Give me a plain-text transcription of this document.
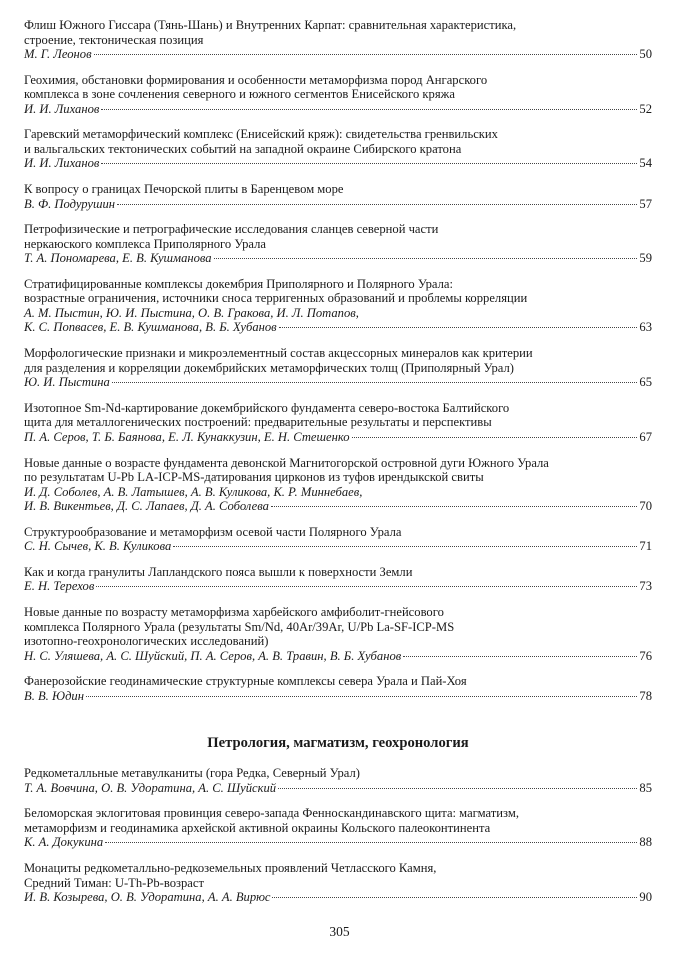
Флиш Южного Гиссара (Тянь-Шань) и Внутренних Карпат: сравнительная характеристика,
строение, тектоническая позиция
М. Г. Леонов	50
Геохимия, обстановки формирования и особенности метаморфизма пород Ангарского
комплекса в зоне сочленения северного и южного сегментов Енисейского кряжа
И. И. Лиханов	52
Гаревский метаморфический комплекс (Енисейский кряж): свидетельства гренвильских
и вальгальских тектонических событий на западной окраине Сибирского кратона
И. И. Лиханов	54
К вопросу о границах Печорской плиты в Баренцевом море
В. Ф. Подурушин	57
Петрофизические и петрографические исследования сланцев северной части
неркаюского комплекса Приполярного Урала
Т. А. Пономарева, Е. В. Кушманова	59
Стратифицированные комплексы докембрия Приполярного и Полярного Урала:
возрастные ограничения, источники сноса терригенных образований и проблемы корреляции
А. М. Пыстин, Ю. И. Пыстина, О. В. Гракова, И. Л. Потапов,
К. С. Попвасев, Е. В. Кушманова, В. Б. Хубанов	63
Морфологические признаки и микроэлементный состав акцессорных минералов как критерии
для разделения и корреляции докембрийских метаморфических толщ (Приполярный Урал)
Ю. И. Пыстина	65
Изотопное Sm-Nd-картирование докембрийского фундамента северо-востока Балтийского
щита для металлогенических построений: предварительные результаты и перспективы
П. А. Серов, Т. Б. Баянова, Е. Л. Кунаккузин, Е. Н. Стешенко	67
Новые данные о возрасте фундамента девонской Магнитогорской островной дуги Южного Урала
по результатам U-Pb LA-ICP-MS-датирования цирконов из туфов ирендыкской свиты
И. Д. Соболев, А. В. Латышев, А. В. Куликова, К. Р. Миннебаев,
И. В. Викентьев, Д. С. Лапаев, Д. А. Соболева	70
Структурообразование и метаморфизм осевой части Полярного Урала
С. Н. Сычев, К. В. Куликова	71
Как и когда гранулиты Лапландского пояса вышли к поверхности Земли
Е. Н. Терехов	73
Новые данные по возрасту метаморфизма харбейского амфиболит-гнейсового
комплекса Полярного Урала (результаты Sm/Nd, 40Ar/39Ar, U/Pb La-SF-ICP-MS
изотопно-геохронологических исследований)
Н. С. Уляшева, А. С. Шуйский, П. А. Серов, А. В. Травин, В. Б. Хубанов	76
Фанерозойские геодинамические структурные комплексы севера Урала и Пай-Хоя
В. В. Юдин	78
Петрология, магматизм, геохронология
Редкометалльные метавулканиты (гора Редка, Северный Урал)
Т. А. Вовчина, О. В. Удоратина, А. С. Шуйский	85
Беломорская эклогитовая провинция северо-запада Фенноскандинавского щита: магматизм,
метаморфизм и геодинамика архейской активной окраины Кольского палеоконтинента
К. А. Докукина	88
Монациты редкометалльно-редкоземельных проявлений Четласского Камня,
Средний Тиман: U-Th-Pb-возраст
И. В. Козырева, О. В. Удоратина, А. А. Вирюс	90
305
